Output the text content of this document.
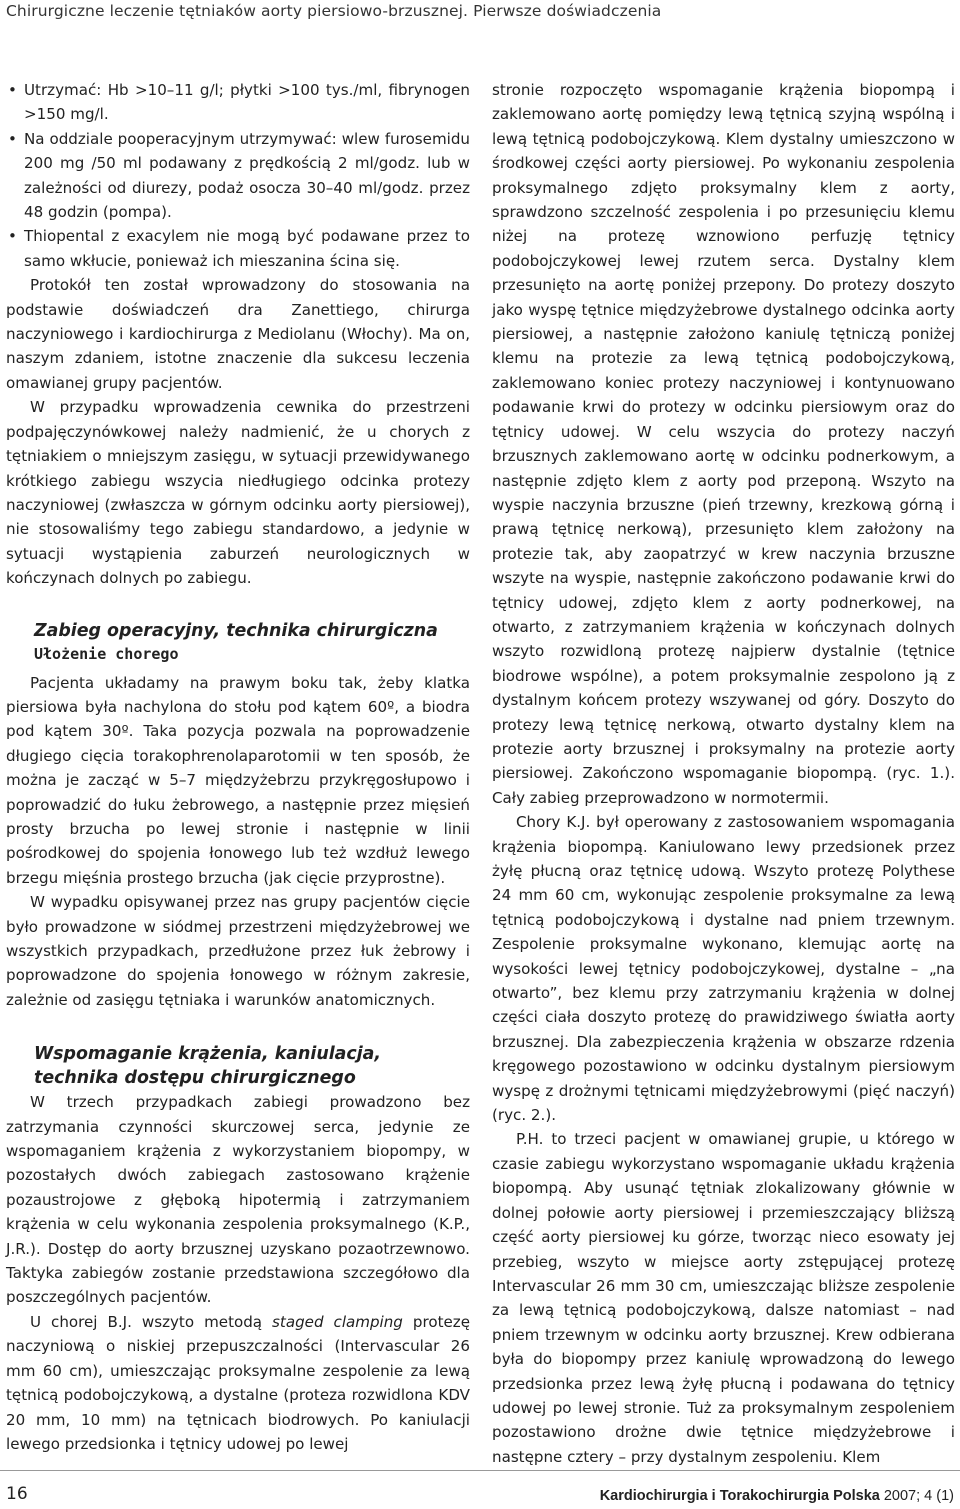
Chirurgiczne leczenie tętniaków aorty piersiowo-brzusznej. Pierwsze doświadczenia
• Utrzymać: Hb >10–11 g/l; płytki >100 tys./ml, fibrynogen >150 mg/l.
• Na oddziale pooperacyjnym utrzymywać: wlew furosemidu 200 mg /50 ml podawany z prędkością 2 ml/godz. lub w zależności od diurezy, podaż osocza 30–40 ml/godz. przez 48 godzin (pompa).
• Thiopental z exacylem nie mogą być podawane przez to samo wkłucie, ponieważ ich mieszanina ścina się.

Protokół ten został wprowadzony do stosowania na podstawie doświadczeń dra Zanettiego, chirurga naczyniowego i kardiochirurga z Mediolanu (Włochy). Ma on, naszym zdaniem, istotne znaczenie dla sukcesu leczenia omawianej grupy pacjentów.

W przypadku wprowadzenia cewnika do przestrzeni podpajęczynówkowej należy nadmienić, że u chorych z tętniakiem o mniejszym zasięgu, w sytuacji przewidywanego krótkiego zabiegu wszycia niedługiego odcinka protezy naczyniowej (zwłaszcza w górnym odcinku aorty piersiowej), nie stosowaliśmy tego zabiegu standardowo, a jedynie w sytuacji wystąpienia zaburzeń neurologicznych w kończynach dolnych po zabiegu.

Zabieg operacyjny, technika chirurgiczna
Ułożenie chorego

Pacjenta układamy na prawym boku tak, żeby klatka piersiowa była nachylona do stołu pod kątem 60º, a biodra pod kątem 30º. Taka pozycja pozwala na poprowadzenie długiego cięcia torakophrenolaparotomii w ten sposób, że można je zacząć w 5–7 międzyżebrzu przykręgosłupowo i poprowadzić do łuku żebrowego, a następnie przez mięsień prosty brzucha po lewej stronie i następnie w linii pośrodkowej do spojenia łonowego lub też wzdłuż lewego brzegu mięśnia prostego brzucha (jak cięcie przyprostne).

W wypadku opisywanej przez nas grupy pacjentów cięcie było prowadzone w siódmej przestrzeni międzyżebrowej we wszystkich przypadkach, przedłużone przez łuk żebrowy i poprowadzone do spojenia łonowego w różnym zakresie, zależnie od zasięgu tętniaka i warunków anatomicznych.

Wspomaganie krążenia, kaniulacja,
technika dostępu chirurgicznego

W trzech przypadkach zabiegi prowadzono bez zatrzymania czynności skurczowej serca, jedynie ze wspomaganiem krążenia z wykorzystaniem biopompy, w pozostałych dwóch zabiegach zastosowano krążenie pozaustrojowe z głęboką hipotermią i zatrzymaniem krążenia w celu wykonania zespolenia proksymalnego (K.P., J.R.). Dostęp do aorty brzusznej uzyskano pozaotrzewnowo. Taktyka zabiegów zostanie przedstawiona szczegółowo dla poszczególnych pacjentów.

U chorej B.J. wszyto metodą staged clamping protezę naczyniową o niskiej przepuszczalności (Intervascular 26 mm 60 cm), umieszczając proksymalne zespolenie za lewą tętnicą podobojczykową, a dystalne (proteza rozwidlona KDV 20 mm, 10 mm) na tętnicach biodrowych. Po kaniulacji lewego przedsionka i tętnicy udowej po lewej

stronie rozpoczęto wspomaganie krążenia biopompą i zaklemowano aortę pomiędzy lewą tętnicą szyjną wspólną i lewą tętnicą podobojczykową. Klem dystalny umieszczono w środkowej części aorty piersiowej. Po wykonaniu zespolenia proksymalnego zdjęto proksymalny klem z aorty, sprawdzono szczelność zespolenia i po przesunięciu klemu niżej na protezę wznowiono perfuzję tętnicy podobojczykowej lewej rzutem serca. Dystalny klem przesunięto na aortę poniżej przepony. Do protezy doszyto jako wyspę tętnice międzyżebrowe dystalnego odcinka aorty piersiowej, a następnie założono kaniulę tętniczą poniżej klemu na protezie za lewą tętnicą podobojczykową, zaklemowano koniec protezy naczyniowej i kontynuowano podawanie krwi do protezy w odcinku piersiowym oraz do tętnicy udowej. W celu wszycia do protezy naczyń brzusznych zaklemowano aortę w odcinku podnerkowym, a następnie zdjęto klem z aorty pod przeponą. Wszyto na wyspie naczynia brzuszne (pień trzewny, krezkową górną i prawą tętnicę nerkową), przesunięto klem założony na protezie tak, aby zaopatrzyć w krew naczynia brzuszne wszyte na wyspie, następnie zakończono podawanie krwi do tętnicy udowej, zdjęto klem z aorty podnerkowej, na otwarto, z zatrzymaniem krążenia w kończynach dolnych wszyto rozwidloną protezę najpierw dystalnie (tętnice biodrowe wspólne), a potem proksymalnie zespolono ją z dystalnym końcem protezy wszywanej od góry. Doszyto do protezy lewą tętnicę nerkową, otwarto dystalny klem na protezie aorty brzusznej i proksymalny na protezie aorty piersiowej. Zakończono wspomaganie biopompą. (ryc. 1.). Cały zabieg przeprowadzono w normotermii.

Chory K.J. był operowany z zastosowaniem wspomagania krążenia biopompą. Kaniulowano lewy przedsionek przez żyłę płucną oraz tętnicę udową. Wszyto protezę Polythese 24 mm 60 cm, wykonując zespolenie proksymalne za lewą tętnicą podobojczykową i dystalne nad pniem trzewnym. Zespolenie proksymalne wykonano, klemując aortę na wysokości lewej tętnicy podobojczykowej, dystalne – „na otwarto”, bez klemu przy zatrzymaniu krążenia w dolnej części ciała doszyto protezę do prawidziwego światła aorty brzusznej. Dla zabezpieczenia krążenia w obszarze rdzenia kręgowego pozostawiono w odcinku dystalnym piersiowym wyspę z drożnymi tętnicami międzyżebrowymi (pięć naczyń) (ryc. 2.).

P.H. to trzeci pacjent w omawianej grupie, u którego w czasie zabiegu wykorzystano wspomaganie układu krążenia biopompą. Aby usunąć tętniak zlokalizowany głównie w dolnej połowie aorty piersiowej i przemieszczający bliższą część aorty piersiowej ku górze, tworząc nieco esowaty jej przebieg, wszyto w miejsce aorty zstępującej protezę Intervascular 26 mm 30 cm, umieszczając bliższe zespolenie za lewą tętnicą podobojczykową, dalsze natomiast – nad pniem trzewnym w odcinku aorty brzusznej. Krew odbierana była do biopompy przez kaniulę wprowadzoną do lewego przedsionka przez lewą żyłę płucną i podawana do tętnicy udowej po lewej stronie. Tuż za proksymalnym zespoleniem pozostawiono drożne dwie tętnice międzyżebrowe i następne cztery – przy dystalnym zespoleniu. Klem

16	Kardiochirurgia i Torakochirurgia Polska 2007; 4 (1)
